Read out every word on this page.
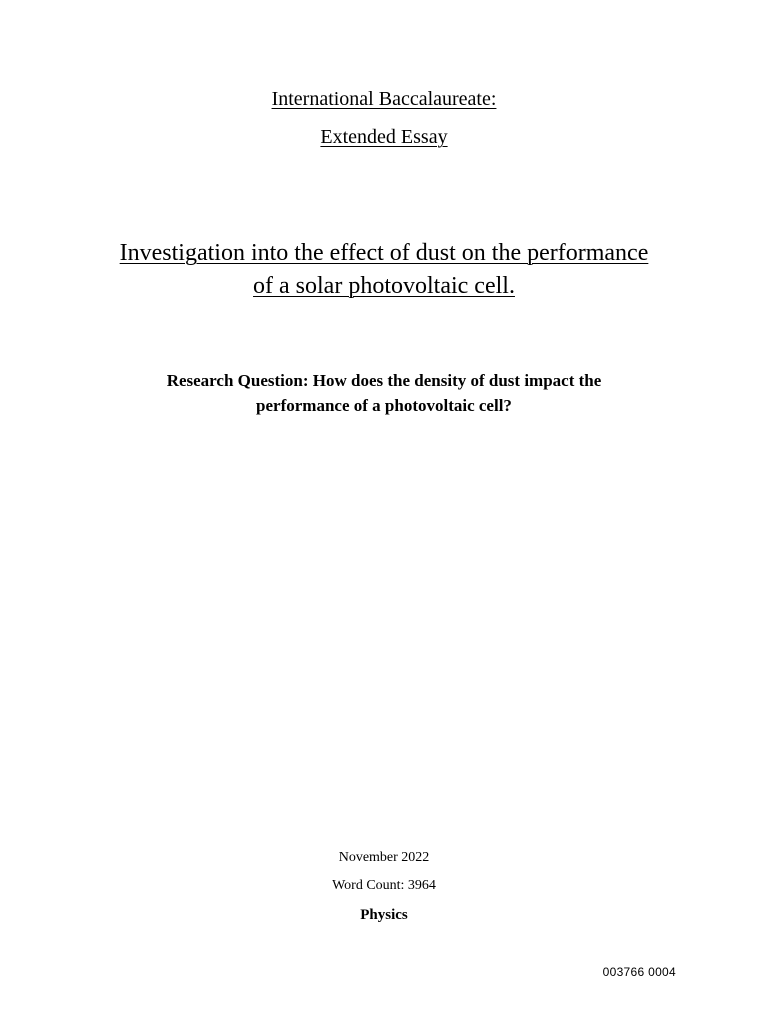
International Baccalaureate:
Extended Essay
Investigation into the effect of dust on the performance
of a solar photovoltaic cell.
Research Question: How does the density of dust impact the
performance of a photovoltaic cell?
November 2022
Word Count: 3964
Physics
003766 0004
